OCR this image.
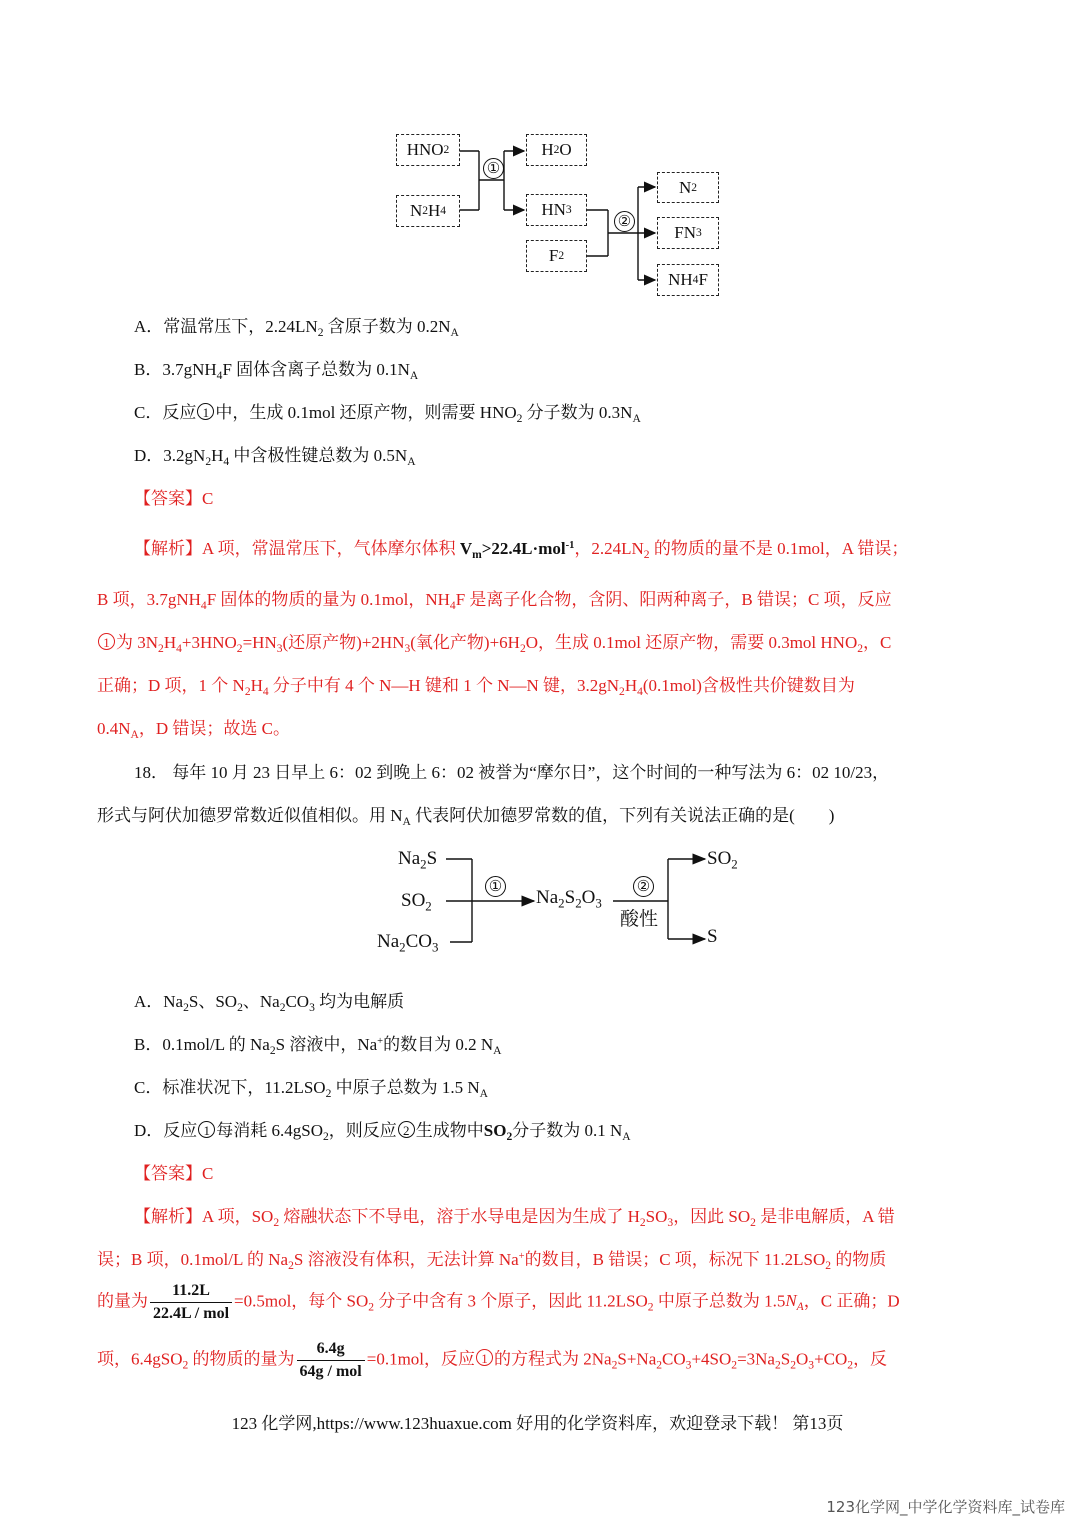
HNO 2
N 2 H 4
H 2 O
HN 3
F 2
N 2
FN 3
NH 4 F
①
②
A．常温常压下，$2.24LN_2$ 含原子数为 $0.2N_A$
B．3.7gNH$_4$F 固体含离子总数为 $0.1N_A$
C．反应 1 中，生成 0.1mol 还原产物，则需要 $HNO_2$ 分子数为 $0.3N_A$
D．$3.2gN_2H_4$ 中含极性键总数为 $0.5N_A$
【答案】C
【解析】A 项，常温常压下，气体摩尔体积 $V_m>22.4L\cdot mol^{-1}$，$2.24LN_2$ 的物质的量不是 0.1mol，A 错误；
B 项，3.7gNH$_4$F 固体的物质的量为 0.1mol，$NH_4F$ 是离子化合物，含阴、阳两种离子，B 错误；C 项，反应
1 为 $3N_2H_4+3HNO_2=HN_3$(还原产物)$+2HN_3$(氧化产物)$+6H_2O$，生成 0.1mol 还原产物，需要 0.3mol $HNO_2$，C
正确；D 项，1 个 $N_2H_4$ 分子中有 4 个 N—H 键和 1 个 N—N 键，$3.2gN_2H_4(0.1mol)$含极性共价键数目为
$0.4N_A$，D 错误；故选 C。
18． 每年 10 月 23 日早上 6：02 到晚上 6：02 被誉为“摩尔日”，这个时间的一种写法为 6：02 10/23，
形式与阿伏加德罗常数近似值相似。用 $N_A$ 代表阿伏加德罗常数的值，下列有关说法正确的是(　　)
$Na_2S$
$SO_2$
$Na_2CO_3$
① $Na_2S_2O_3$
②
酸性
$SO_2$
S
A．$Na_2S$、$SO_2$、$Na_2CO_3$ 均为电解质
B．0.1mol/L 的 $Na_2S$ 溶液中，Na+的数目为 0.2 $N_A$
C．标准状况下，$11.2LSO_2$ 中原子总数为 1.5 $N_A$
D．反应 1 每消耗 6.4gSO$_2$，则反应 2 生成物中$SO_2$分子数为 0.1 $N_A$
【答案】C
【解析】A 项，$SO_2$ 熔融状态下不导电，溶于水导电是因为生成了 $H_2SO_3$，因此 $SO_2$ 是非电解质，A 错
误；B 项，0.1mol/L 的 $Na_2S$ 溶液没有体积，无法计算 Na+的数目，B 错误；C 项，标况下 $11.2LSO_2$ 的物质
的量为 $\frac{11.2L}{\text{22.4L / mol}} =0.5mol$，每个 $SO_2$ 分子中含有 3 个原子，因此 $11.2LSO_2$ 中原子总数为 $1.5N_A$，C 正确；D
项，6.4gSO$_2$ 的物质的量为 $\frac{6.4g}{\text{64g / mol}} =0.1mol$，反应 1 的方程式为 $2Na_2S+Na_2CO_3+4SO_2=3Na_2S_2O_3+CO_2$，反
123 化学网,https://www.123huaxue.com 好用的化学资料库，欢迎登录下载！ 第13页
123化学网_中学化学资料库_试卷库
